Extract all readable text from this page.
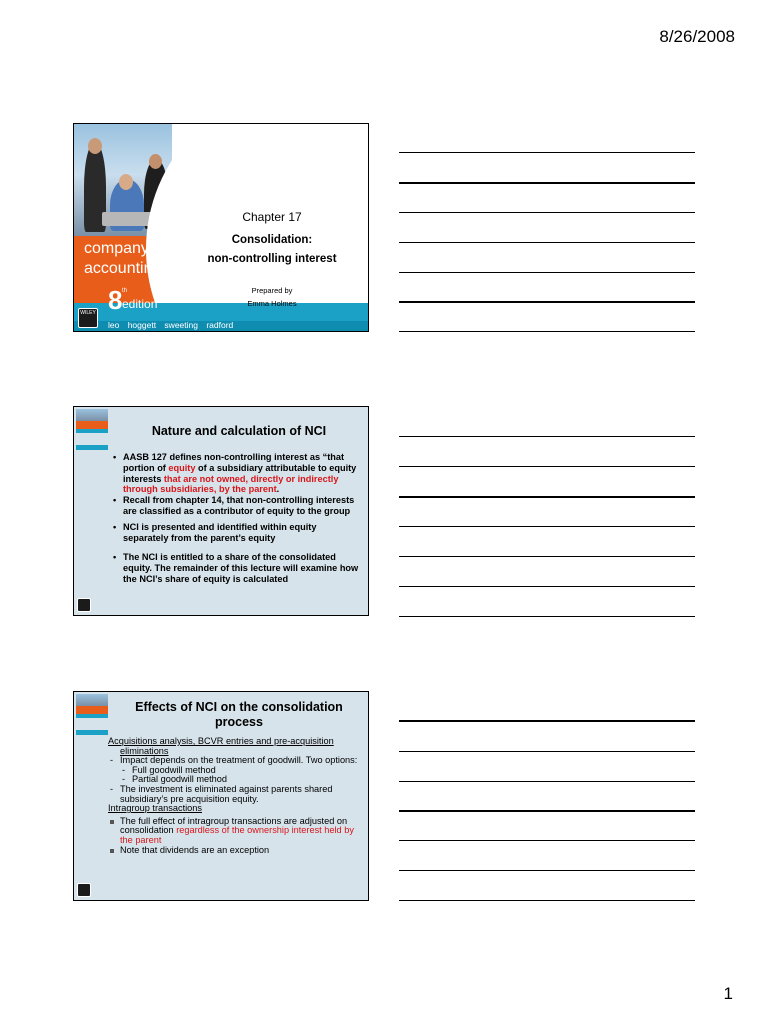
8/26/2008
company
accounting
8 th
edition
WILEY
leo hoggett sweeting radford
Chapter 17
Consolidation:
non-controlling interest
Prepared by
Emma Holmes
Nature and calculation of NCI

• AASB 127 defines non-controlling interest as “that portion of equity of a subsidiary attributable to equity interests that are not owned, directly or indirectly through subsidiaries, by the parent.

• Recall from chapter 14, that non-controlling interests are classified as a contributor of equity to the group

• NCI is presented and identified within equity separately from the parent’s equity

• The NCI is entitled to a share of the consolidated equity. The remainder of this lecture will examine how the NCI’s share of equity is calculated

Effects of NCI on the consolidation process
Acquisitions analysis, BCVR entries and pre-acquisition
eliminations
- Impact depends on the treatment of goodwill. Two options:
- Full goodwill method
- Partial goodwill method
- The investment is eliminated against parents shared subsidiary’s pre acquisition equity.
Intragroup transactions
The full effect of intragroup transactions are adjusted on consolidation regardless of the ownership interest held by the parent
Note that dividends are an exception
1
